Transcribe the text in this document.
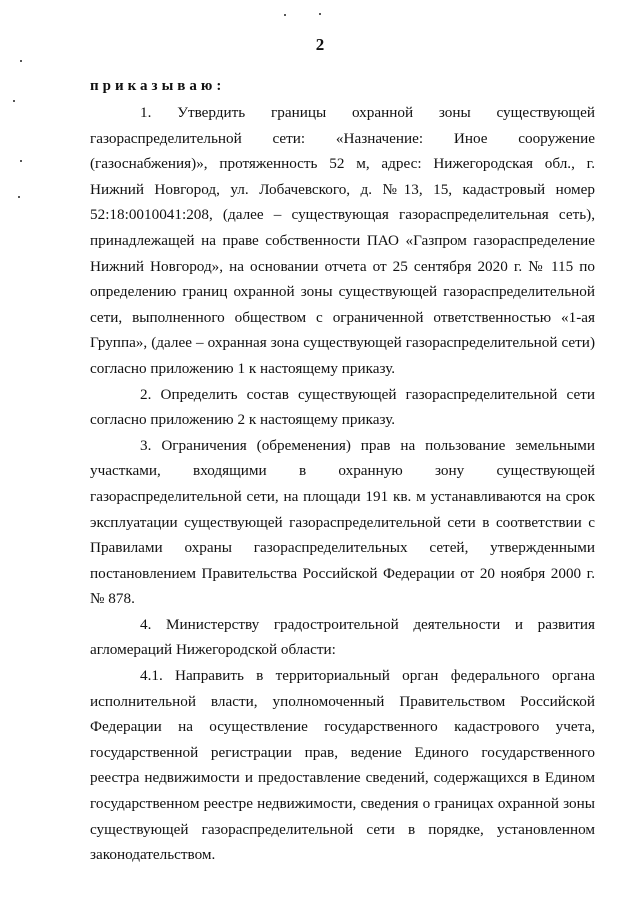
2
приказываю:

1. Утвердить границы охранной зоны существующей газораспределительной сети: «Назначение: Иное сооружение (газоснабжения)», протяженность 52 м, адрес: Нижегородская обл., г. Нижний Новгород, ул. Лобачевского, д. №13, 15, кадастровый номер 52:18:0010041:208, (далее – существующая газораспределительная сеть), принадлежащей на праве собственности ПАО «Газпром газораспределение Нижний Новгород», на основании отчета от 25 сентября 2020 г. № 115 по определению границ охранной зоны существующей газораспределительной сети, выполненного обществом с ограниченной ответственностью «1-ая Группа», (далее – охранная зона существующей газораспределительной сети) согласно приложению 1 к настоящему приказу.

2. Определить состав существующей газораспределительной сети согласно приложению 2 к настоящему приказу.

3. Ограничения (обременения) прав на пользование земельными участками, входящими в охранную зону существующей газораспределительной сети, на площади 191 кв. м устанавливаются на срок эксплуатации существующей газораспределительной сети в соответствии с Правилами охраны газораспределительных сетей, утвержденными постановлением Правительства Российской Федерации от 20 ноября 2000 г. № 878.

4. Министерству градостроительной деятельности и развития агломераций Нижегородской области:

4.1. Направить в территориальный орган федерального органа исполнительной власти, уполномоченный Правительством Российской Федерации на осуществление государственного кадастрового учета, государственной регистрации прав, ведение Единого государственного реестра недвижимости и предоставление сведений, содержащихся в Едином государственном реестре недвижимости, сведения о границах охранной зоны существующей газораспределительной сети в порядке, установленном законодательством.
